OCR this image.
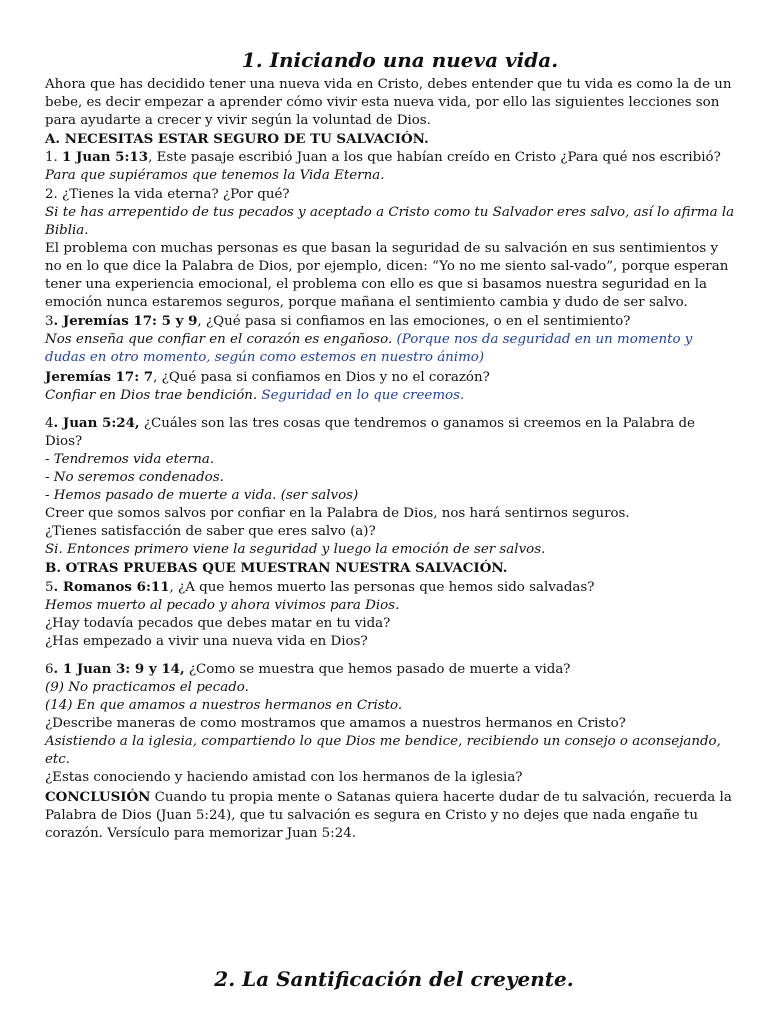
1. Iniciando una nueva vida.

Ahora que has decidido tener una nueva vida en Cristo, debes entender que tu vida es como la de un bebe, es decir empezar a aprender cómo vivir esta nueva vida, por ello las siguientes lecciones son para ayudarte a crecer y vivir según la voluntad de Dios.

A. NECESITAS ESTAR SEGURO DE TU SALVACIÓN.

1. 1 Juan 5:13, Este pasaje escribió Juan a los que habían creído en Cristo ¿Para qué nos escribió?

Para que supiéramos que tenemos la Vida Eterna.

2. ¿Tienes la vida eterna? ¿Por qué?

Si te has arrepentido de tus pecados y aceptado a Cristo como tu Salvador eres salvo, así lo afirma la Biblia.

El problema con muchas personas es que basan la seguridad de su salvación en sus sentimientos y no en lo que dice la Palabra de Dios, por ejemplo, dicen: “Yo no me siento sal-vado”, porque esperan tener una experiencia emocional, el problema con ello es que si basamos nuestra seguridad en la emoción nunca estaremos seguros, porque mañana el sentimiento cambia y dudo de ser salvo.

3. Jeremías 17: 5 y 9, ¿Qué pasa si confiamos en las emociones, o en el sentimiento?

Nos enseña que confiar en el corazón es engañoso. (Porque nos da seguridad en un momento y dudas en otro momento, según como estemos en nuestro ánimo)

Jeremías 17: 7, ¿Qué pasa si confiamos en Dios y no el corazón?

Confiar en Dios trae bendición. Seguridad en lo que creemos.

4. Juan 5:24, ¿Cuáles son las tres cosas que tendremos o ganamos si creemos en la Palabra de Dios?

- Tendremos vida eterna.

- No seremos condenados.

- Hemos pasado de muerte a vida. (ser salvos)

Creer que somos salvos por confiar en la Palabra de Dios, nos hará sentirnos seguros.

¿Tienes satisfacción de saber que eres salvo (a)?

Si. Entonces primero viene la seguridad y luego la emoción de ser salvos.

B. OTRAS PRUEBAS QUE MUESTRAN NUESTRA SALVACIÓN.

5. Romanos 6:11, ¿A que hemos muerto las personas que hemos sido salvadas?

Hemos muerto al pecado y ahora vivimos para Dios.

¿Hay todavía pecados que debes matar en tu vida?

¿Has empezado a vivir una nueva vida en Dios?

6. 1 Juan 3: 9 y 14, ¿Como se muestra que hemos pasado de muerte a vida?

(9) No practicamos el pecado.

(14) En que amamos a nuestros hermanos en Cristo.

¿Describe maneras de como mostramos que amamos a nuestros hermanos en Cristo?

Asistiendo a la iglesia, compartiendo lo que Dios me bendice, recibiendo un consejo o aconsejando, etc.

¿Estas conociendo y haciendo amistad con los hermanos de la iglesia?

CONCLUSIÓN Cuando tu propia mente o Satanas quiera hacerte dudar de tu salvación, recuerda la Palabra de Dios (Juan 5:24), que tu salvación es segura en Cristo y no dejes que nada engañe tu corazón. Versículo para memorizar Juan 5:24.

2. La Santificación del creyente.
